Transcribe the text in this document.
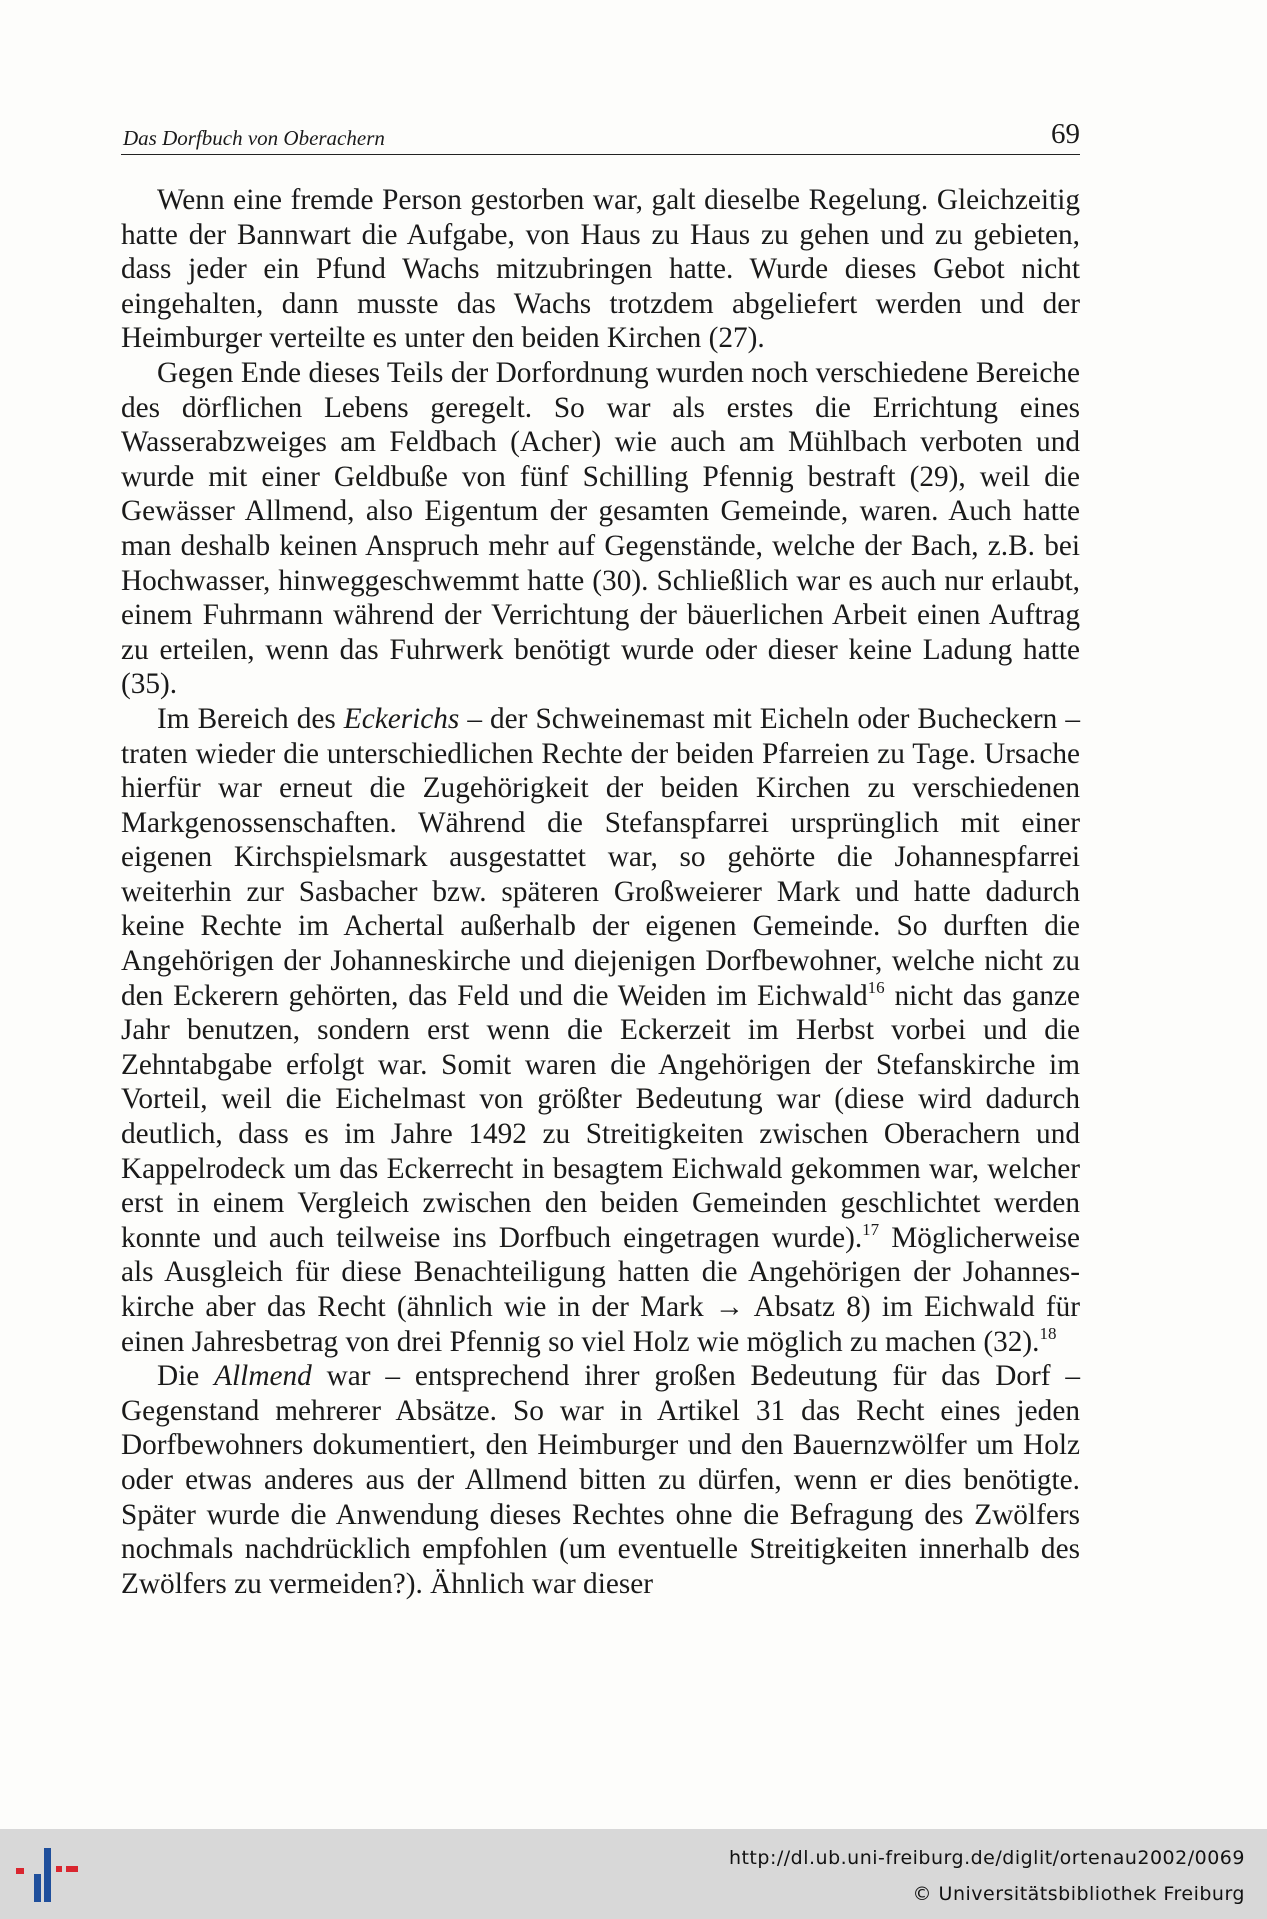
Das Dorfbuch von Oberachern	69

Wenn eine fremde Person gestorben war, galt dieselbe Regelung. Gleichzeitig hatte der Bannwart die Aufgabe, von Haus zu Haus zu gehen und zu gebieten, dass jeder ein Pfund Wachs mitzubringen hatte. Wurde dieses Gebot nicht eingehalten, dann musste das Wachs trotzdem abgeliefert werden und der Heimburger verteilte es unter den beiden Kirchen (27).

Gegen Ende dieses Teils der Dorfordnung wurden noch verschiedene Bereiche des dörflichen Lebens geregelt. So war als erstes die Errichtung eines Wasserabzweiges am Feldbach (Acher) wie auch am Mühlbach verboten und wurde mit einer Geldbuße von fünf Schilling Pfennig bestraft (29), weil die Gewässer Allmend, also Eigentum der gesamten Gemeinde, waren. Auch hatte man deshalb keinen Anspruch mehr auf Gegenstände, welche der Bach, z.B. bei Hochwasser, hinweggeschwemmt hatte (30). Schließlich war es auch nur erlaubt, einem Fuhrmann während der Verrichtung der bäuerlichen Arbeit einen Auftrag zu erteilen, wenn das Fuhrwerk benötigt wurde oder dieser keine Ladung hatte (35).

Im Bereich des Eckerichs – der Schweinemast mit Eicheln oder Bucheckern – traten wieder die unterschiedlichen Rechte der beiden Pfarreien zu Tage. Ursache hierfür war erneut die Zugehörigkeit der beiden Kirchen zu verschiedenen Markgenossenschaften. Während die Stefanspfarrei ursprünglich mit einer eigenen Kirchspielsmark ausgestattet war, so gehörte die Johannespfarrei weiterhin zur Sasbacher bzw. späteren Großweierer Mark und hatte dadurch keine Rechte im Achertal außerhalb der eigenen Gemeinde. So durften die Angehörigen der Johanneskirche und diejenigen Dorfbewohner, welche nicht zu den Eckerern gehörten, das Feld und die Weiden im Eichwald$^{16}$ nicht das ganze Jahr benutzen, sondern erst wenn die Eckerzeit im Herbst vorbei und die Zehntabgabe erfolgt war. Somit waren die Angehörigen der Stefanskirche im Vorteil, weil die Eichelmast von größter Bedeutung war (diese wird dadurch deutlich, dass es im Jahre 1492 zu Streitigkeiten zwischen Oberachern und Kappelrodeck um das Eckerrecht in besagtem Eichwald gekommen war, welcher erst in einem Vergleich zwischen den beiden Gemeinden geschlichtet werden konnte und auch teilweise ins Dorfbuch eingetragen wurde).$^{17}$ Möglicherweise als Ausgleich für diese Benachteiligung hatten die Angehörigen der Johanneskirche aber das Recht (ähnlich wie in der Mark → Absatz 8) im Eichwald für einen Jahresbetrag von drei Pfennig so viel Holz wie möglich zu machen (32).$^{18}$

Die Allmend war – entsprechend ihrer großen Bedeutung für das Dorf – Gegenstand mehrerer Absätze. So war in Artikel 31 das Recht eines jeden Dorfbewohners dokumentiert, den Heimburger und den Bauernzwölfer um Holz oder etwas anderes aus der Allmend bitten zu dürfen, wenn er dies benötigte. Später wurde die Anwendung dieses Rechtes ohne die Befragung des Zwölfers nochmals nachdrücklich empfohlen (um eventuelle Streitigkeiten innerhalb des Zwölfers zu vermeiden?). Ähnlich war dieser

http://dl.ub.uni-freiburg.de/diglit/ortenau2002/0069
© Universitätsbibliothek Freiburg
